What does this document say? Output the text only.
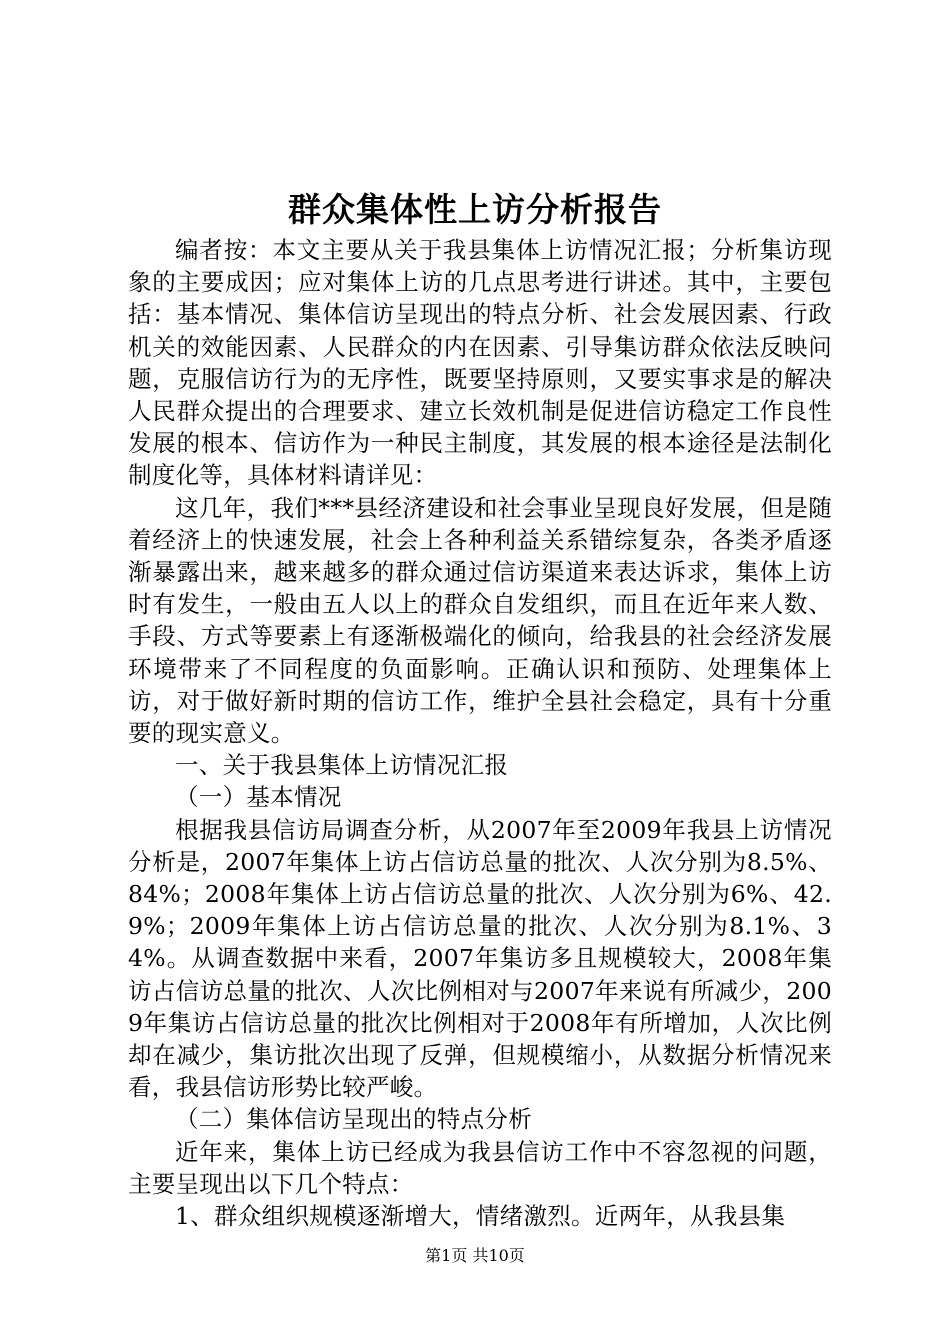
群众集体性上访分析报告

编者按：本文主要从关于我县集体上访情况汇报；分析集访现象的主要成因；应对集体上访的几点思考进行讲述。其中，主要包括：基本情况、集体信访呈现出的特点分析、社会发展因素、行政机关的效能因素、人民群众的内在因素、引导集访群众依法反映问题，克服信访行为的无序性，既要坚持原则，又要实事求是的解决人民群众提出的合理要求、建立长效机制是促进信访稳定工作良性发展的根本、信访作为一种民主制度，其发展的根本途径是法制化制度化等，具体材料请详见：

这几年，我们***县经济建设和社会事业呈现良好发展，但是随着经济上的快速发展，社会上各种利益关系错综复杂，各类矛盾逐渐暴露出来，越来越多的群众通过信访渠道来表达诉求，集体上访时有发生，一般由五人以上的群众自发组织，而且在近年来人数、手段、方式等要素上有逐渐极端化的倾向，给我县的社会经济发展环境带来了不同程度的负面影响。正确认识和预防、处理集体上访，对于做好新时期的信访工作，维护全县社会稳定，具有十分重要的现实意义。

一、关于我县集体上访情况汇报

（一）基本情况

根据我县信访局调查分析，从2007年至2009年我县上访情况分析是，2007年集体上访占信访总量的批次、人次分别为8.5%、84%；2008年集体上访占信访总量的批次、人次分别为6%、42.9%；2009年集体上访占信访总量的批次、人次分别为8.1%、34%。从调查数据中来看，2007年集访多且规模较大，2008年集访占信访总量的批次、人次比例相对与2007年来说有所减少，2009年集访占信访总量的批次比例相对于2008年有所增加，人次比例却在减少，集访批次出现了反弹，但规模缩小，从数据分析情况来看，我县信访形势比较严峻。

（二）集体信访呈现出的特点分析

近年来，集体上访已经成为我县信访工作中不容忽视的问题，主要呈现出以下几个特点：

1、群众组织规模逐渐增大，情绪激烈。近两年，从我县集

第1页 共10页
